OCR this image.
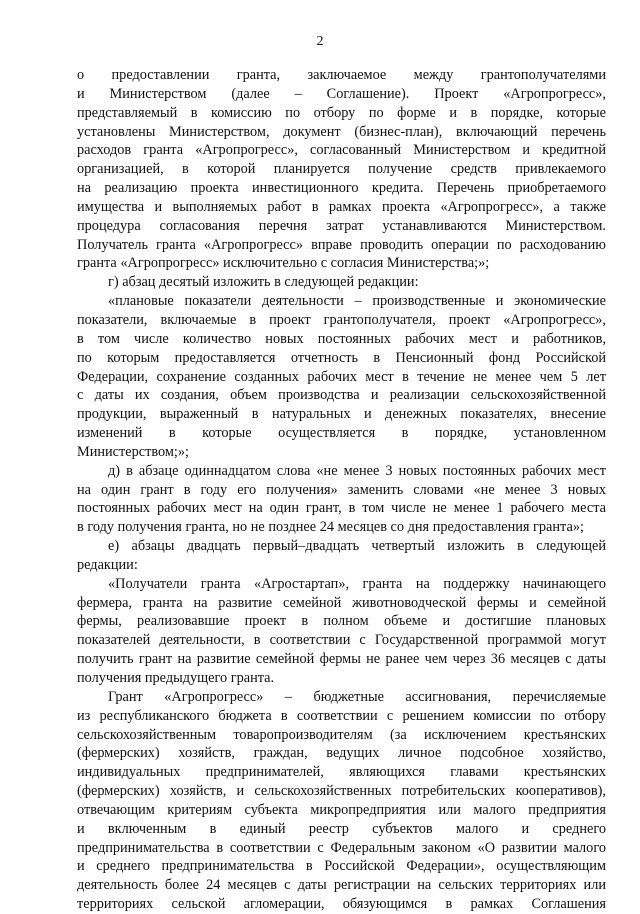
2
о предоставлении гранта, заключаемое между грантополучателями
и Министерством (далее – Соглашение). Проект «Агропрогресс»,
представляемый в комиссию по отбору по форме и в порядке, которые
установлены Министерством, документ (бизнес-план), включающий перечень
расходов гранта «Агропрогресс», согласованный Министерством и кредитной
организацией, в которой планируется получение средств привлекаемого
на реализацию проекта инвестиционного кредита. Перечень приобретаемого
имущества и выполняемых работ в рамках проекта «Агропрогресс», а также
процедура согласования перечня затрат устанавливаются Министерством.
Получатель гранта «Агропрогресс» вправе проводить операции по расходованию
гранта «Агропрогресс» исключительно с согласия Министерства;»;
г) абзац десятый изложить в следующей редакции:
«плановые показатели деятельности – производственные и экономические
показатели, включаемые в проект грантополучателя, проект «Агропрогресс»,
в том числе количество новых постоянных рабочих мест и работников,
по которым предоставляется отчетность в Пенсионный фонд Российской
Федерации, сохранение созданных рабочих мест в течение не менее чем 5 лет
с даты их создания, объем производства и реализации сельскохозяйственной
продукции, выраженный в натуральных и денежных показателях, внесение
изменений в которые осуществляется в порядке, установленном
Министерством;»;
д) в абзаце одиннадцатом слова «не менее 3 новых постоянных рабочих мест
на один грант в году его получения» заменить словами «не менее 3 новых
постоянных рабочих мест на один грант, в том числе не менее 1 рабочего места
в году получения гранта, но не позднее 24 месяцев со дня предоставления гранта»;
е) абзацы двадцать первый–двадцать четвертый изложить в следующей
редакции:
«Получатели гранта «Агростартап», гранта на поддержку начинающего
фермера, гранта на развитие семейной животноводческой фермы и семейной
фермы, реализовавшие проект в полном объеме и достигшие плановых
показателей деятельности, в соответствии с Государственной программой могут
получить грант на развитие семейной фермы не ранее чем через 36 месяцев с даты
получения предыдущего гранта.
Грант «Агропрогресс» – бюджетные ассигнования, перечисляемые
из республиканского бюджета в соответствии с решением комиссии по отбору
сельскохозяйственным товаропроизводителям (за исключением крестьянских
(фермерских) хозяйств, граждан, ведущих личное подсобное хозяйство,
индивидуальных предпринимателей, являющихся главами крестьянских
(фермерских) хозяйств, и сельскохозяйственных потребительских кооперативов),
отвечающим критериям субъекта микропредприятия или малого предприятия
и включенным в единый реестр субъектов малого и среднего
предпринимательства в соответствии с Федеральным законом «О развитии малого
и среднего предпринимательства в Российской Федерации», осуществляющим
деятельность более 24 месяцев с даты регистрации на сельских территориях или
территориях сельской агломерации, обязующимся в рамках Соглашения
